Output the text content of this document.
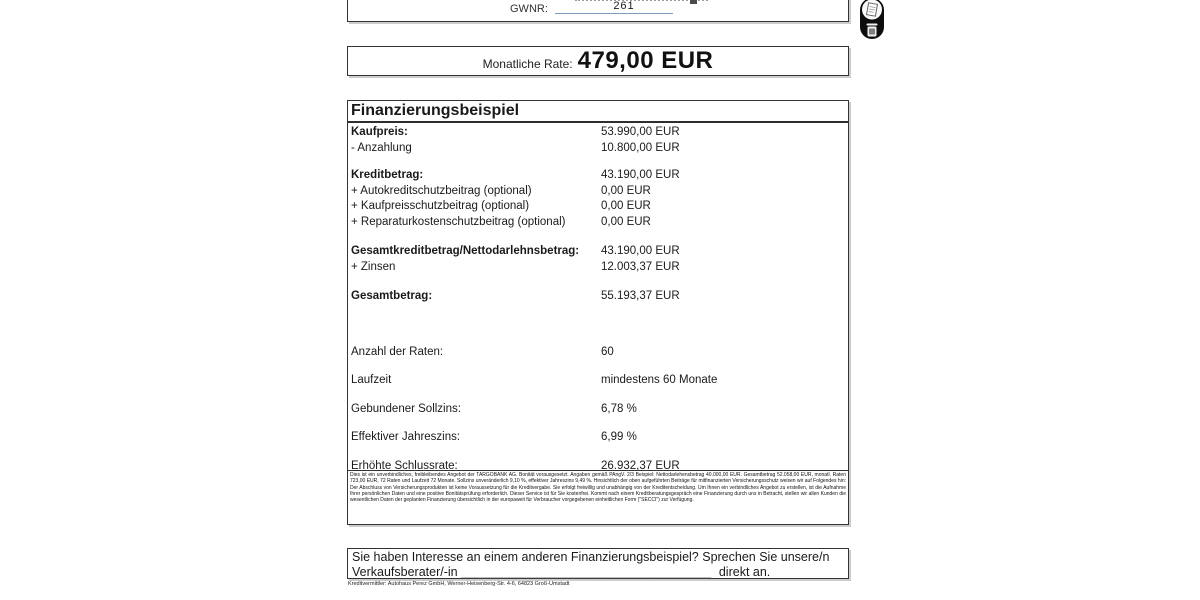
GWNR:	261
_______________________
Monatliche Rate: 479,00 EUR
Finanzierungsbeispiel
Kaufpreis:	53.990,00 EUR
- Anzahlung	10.800,00 EUR
Kreditbetrag:	43.190,00 EUR
+ Autokreditschutzbeitrag (optional)	0,00 EUR
+ Kaufpreisschutzbeitrag (optional)	0,00 EUR
+ Reparaturkostenschutzbeitrag (optional)	0,00 EUR
Gesamtkreditbetrag/Nettodarlehnsbetrag: 43.190,00 EUR
+ Zinsen	12.003,37 EUR
Gesamtbetrag:	55.193,37 EUR
Anzahl der Raten:	60
Laufzeit	mindestens 60 Monate
Gebundener Sollzins:	6,78 %
Effektiver Jahreszins:	6,99 %
Erhöhte Schlussrate:	26.932,37 EUR
Dies ist ein unverbindliches, freibleibendes Angebot der TARGOBANK AG. Bonität vorausgesetzt. Angaben gemäß PAngV. 2/3 Beispiel: Nettodarlehensbetrag 40.000,00 EUR. Gesamtbetrag 52.058,00 EUR, monatl. Raten 723,00 EUR, 72 Raten und Laufzeit 72 Monate. Sollzins unveränderlich 9,10 %, effektiver Jahreszins 9,49 %. Hinsichtlich der oben aufgeführten Beiträge für mitfinanzierten Versicherungsschutz weisen wir auf Folgendes hin: Der Abschluss von Versicherungsprodukten ist keine Voraussetzung für die Kreditvergabe. Sie erfolgt freiwillig und unabhängig von der Kreditentscheidung. Um Ihnen ein verbindliches Angebot zu erstellen, ist die Aufnahme Ihrer persönlichen Daten und eine positive Bonitätsprüfung erforderlich. Dieser Service ist für Sie kostenfrei. Kommt nach einem Kreditberatungsgespräch eine Finanzierung durch uns in Betracht, stellen wir allen Kunden die wesentlichen Daten der geplanten Finanzierung übersichtlich in der europaweit für Verbraucher vorgegebenen einheitlichen Form ("SECCI") zur Verfügung.
Sie haben Interesse an einem anderen Finanzierungsbeispiel? Sprechen Sie unsere/n
Verkaufsberater/-in ____________________________________ direkt an.
Kreditvermittler: Autohaus Perez GmbH, Werner-Heisenberg-Str. 4-6, 64823 Groß-Umstadt
